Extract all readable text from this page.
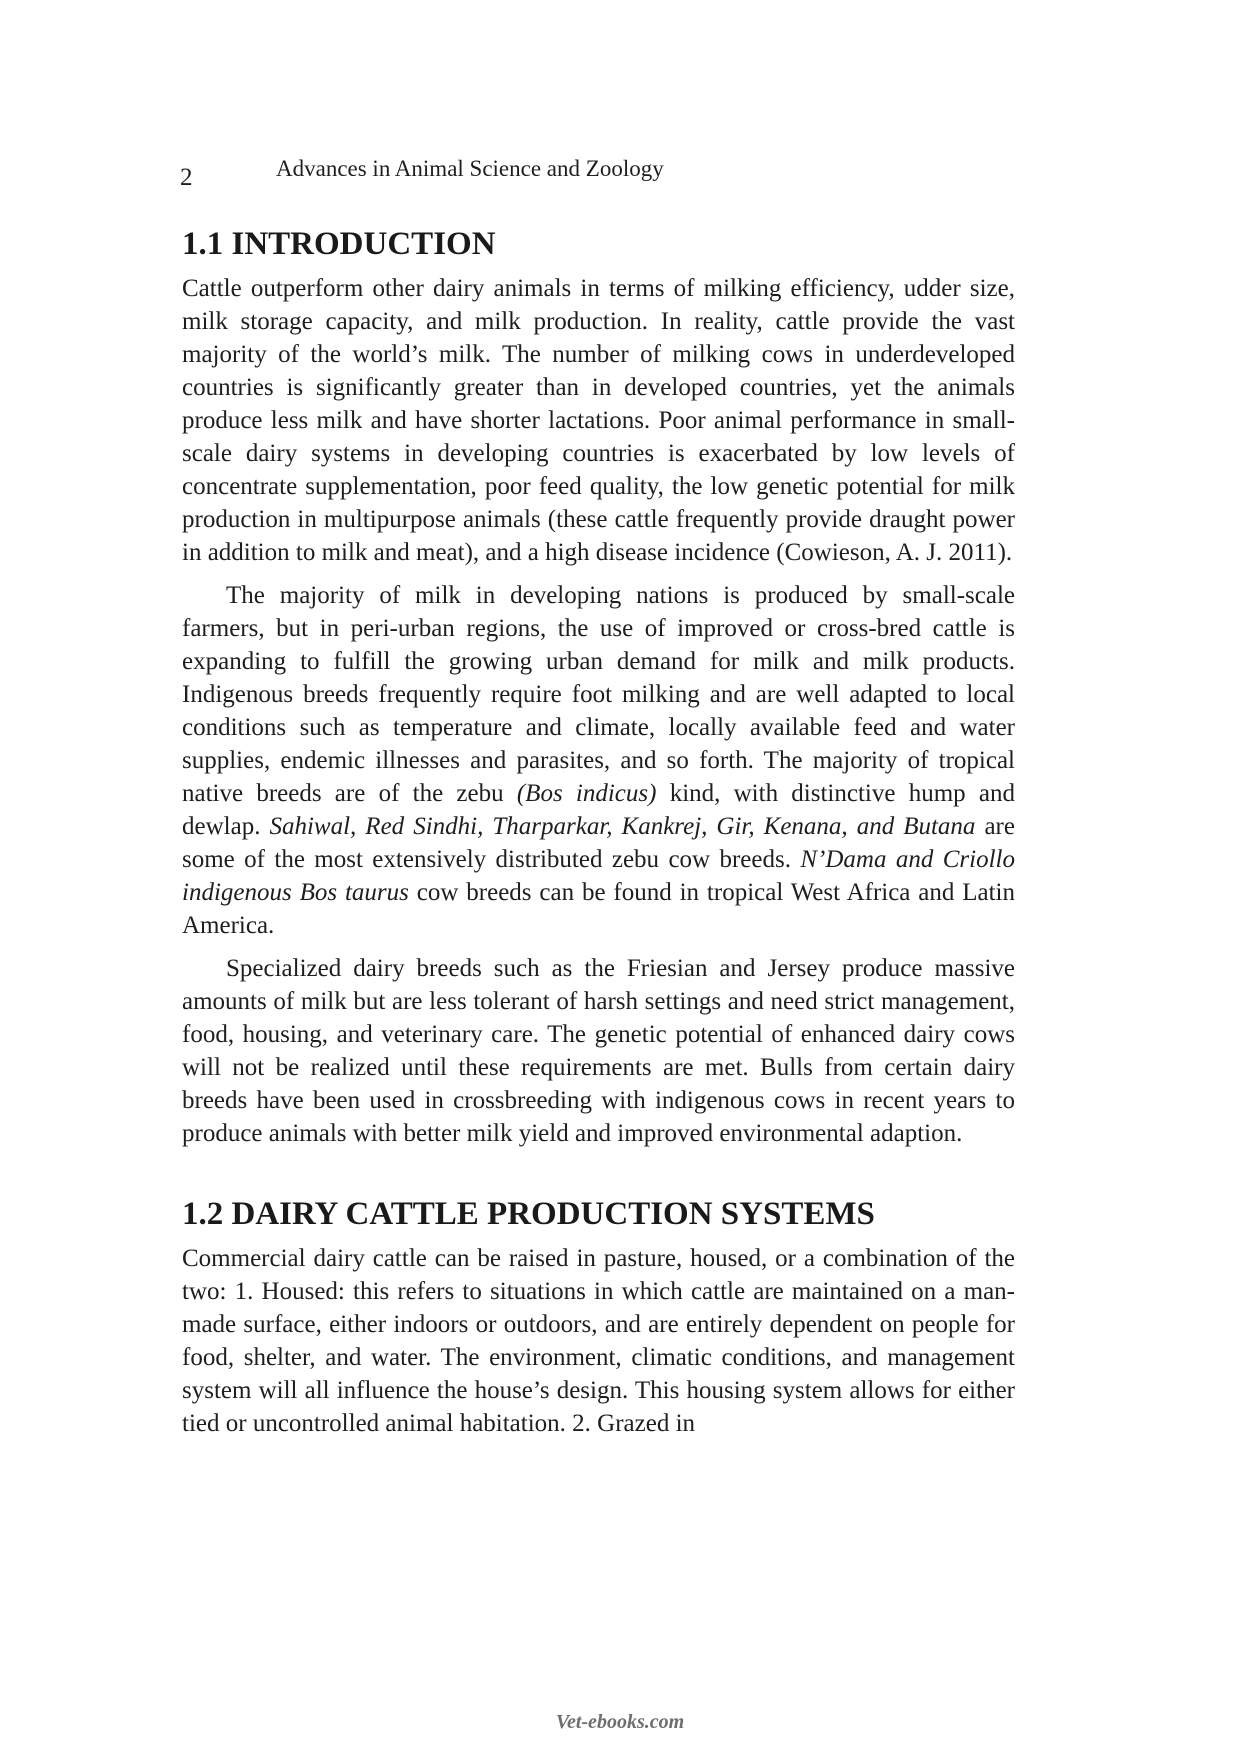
2	Advances in Animal Science and Zoology
1.1 INTRODUCTION

Cattle outperform other dairy animals in terms of milking efficiency, udder size, milk storage capacity, and milk production. In reality, cattle provide the vast majority of the world’s milk. The number of milking cows in underdeveloped countries is significantly greater than in developed countries, yet the animals produce less milk and have shorter lactations. Poor animal performance in small-scale dairy systems in developing countries is exacerbated by low levels of concentrate supplementation, poor feed quality, the low genetic potential for milk production in multipurpose animals (these cattle frequently provide draught power in addition to milk and meat), and a high disease incidence (Cowieson, A. J. 2011).

The majority of milk in developing nations is produced by small-scale farmers, but in peri-urban regions, the use of improved or cross-bred cattle is expanding to fulfill the growing urban demand for milk and milk products. Indigenous breeds frequently require foot milking and are well adapted to local conditions such as temperature and climate, locally available feed and water supplies, endemic illnesses and parasites, and so forth. The majority of tropical native breeds are of the zebu (Bos indicus) kind, with distinctive hump and dewlap. Sahiwal, Red Sindhi, Tharparkar, Kankrej, Gir, Kenana, and Butana are some of the most extensively distributed zebu cow breeds. N’Dama and Criollo indigenous Bos taurus cow breeds can be found in tropical West Africa and Latin America.

Specialized dairy breeds such as the Friesian and Jersey produce massive amounts of milk but are less tolerant of harsh settings and need strict management, food, housing, and veterinary care. The genetic potential of enhanced dairy cows will not be realized until these requirements are met. Bulls from certain dairy breeds have been used in crossbreeding with indigenous cows in recent years to produce animals with better milk yield and improved environmental adaption.

1.2 DAIRY CATTLE PRODUCTION SYSTEMS

Commercial dairy cattle can be raised in pasture, housed, or a combination of the two: 1. Housed: this refers to situations in which cattle are maintained on a man-made surface, either indoors or outdoors, and are entirely dependent on people for food, shelter, and water. The environment, climatic conditions, and management system will all influence the house’s design. This housing system allows for either tied or uncontrolled animal habitation. 2. Grazed in

Vet-ebooks.com
